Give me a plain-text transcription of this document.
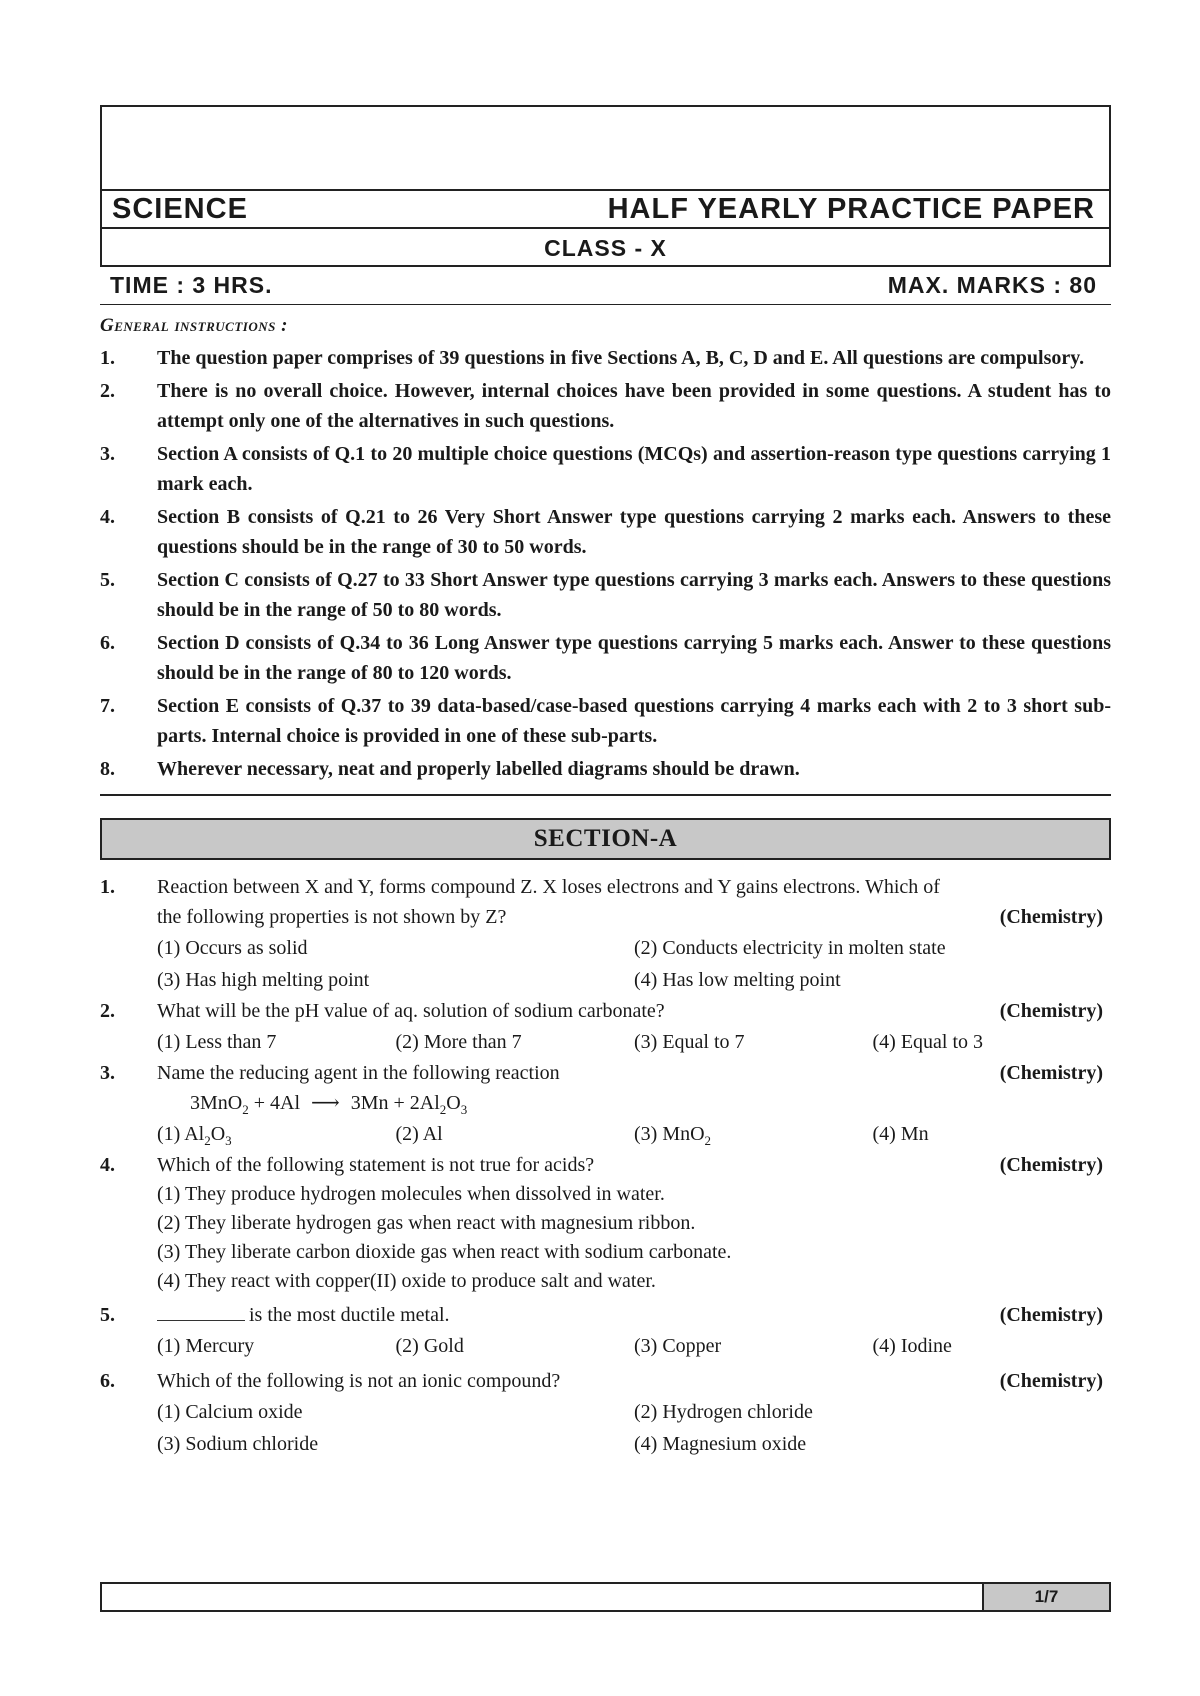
SCIENCE	HALF YEARLY PRACTICE PAPER
CLASS - X
TIME : 3 HRS.	MAX. MARKS : 80
General instructions :
1.	The question paper comprises of 39 questions in five Sections A, B, C, D and E. All questions are compulsory.
2.	There is no overall choice. However, internal choices have been provided in some questions. A student has to attempt only one of the alternatives in such questions.
3.	Section A consists of Q.1 to 20 multiple choice questions (MCQs) and assertion-reason type questions carrying 1 mark each.
4.	Section B consists of Q.21 to 26 Very Short Answer type questions carrying 2 marks each. Answers to these questions should be in the range of 30 to 50 words.
5.	Section C consists of Q.27 to 33 Short Answer type questions carrying 3 marks each. Answers to these questions should be in the range of 50 to 80 words.
6.	Section D consists of Q.34 to 36 Long Answer type questions carrying 5 marks each. Answer to these questions should be in the range of 80 to 120 words.
7.	Section E consists of Q.37 to 39 data-based/case-based questions carrying 4 marks each with 2 to 3 short sub-parts. Internal choice is provided in one of these sub-parts.
8.	Wherever necessary, neat and properly labelled diagrams should be drawn.
SECTION-A
1.	Reaction between X and Y, forms compound Z. X loses electrons and Y gains electrons. Which of
the following properties is not shown by Z?	(Chemistry)
(1) Occurs as solid	(2) Conducts electricity in molten state
(3) Has high melting point	(4) Has low melting point
2.	What will be the pH value of aq. solution of sodium carbonate?	(Chemistry)
(1) Less than 7	(2) More than 7	(3) Equal to 7	(4) Equal to 3
3.	Name the reducing agent in the following reaction	(Chemistry)
3MnO$_2$ + 4Al ⟶ $3Mn + 2Al_2O_3$
(1) $Al_2O_3$	(2) Al	(3) MnO$_2$	(4) Mn
4.	Which of the following statement is not true for acids?	(Chemistry)
(1) They produce hydrogen molecules when dissolved in water.
(2) They liberate hydrogen gas when react with magnesium ribbon.
(3) They liberate carbon dioxide gas when react with sodium carbonate.
(4) They react with copper(II) oxide to produce salt and water.
5.	is the most ductile metal.	(Chemistry)
(1) Mercury	(2) Gold	(3) Copper	(4) Iodine
6.	Which of the following is not an ionic compound?	(Chemistry)
(1) Calcium oxide	(2) Hydrogen chloride
(3) Sodium chloride	(4) Magnesium oxide
1/7
